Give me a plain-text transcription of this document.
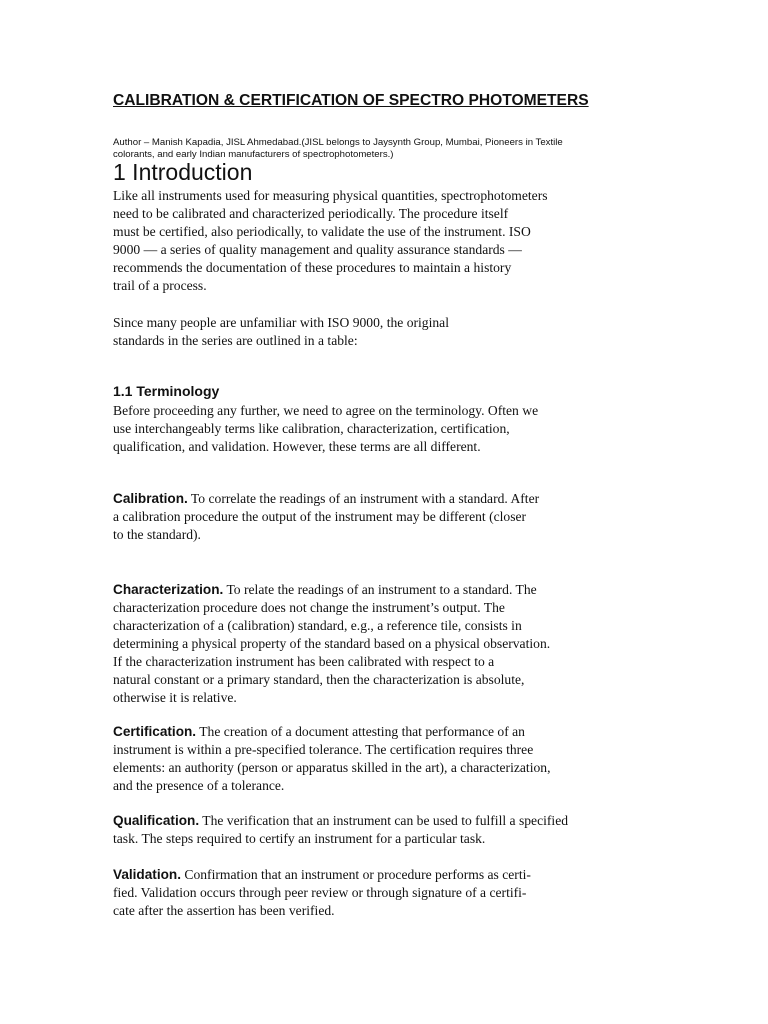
CALIBRATION & CERTIFICATION OF SPECTRO PHOTOMETERS
Author – Manish Kapadia, JISL Ahmedabad.(JISL belongs to Jaysynth Group, Mumbai, Pioneers in Textile
colorants, and early Indian manufacturers of spectrophotometers.)
1 Introduction
Like all instruments used for measuring physical quantities, spectrophotometers
need to be calibrated and characterized periodically. The procedure itself
must be certified, also periodically, to validate the use of the instrument. ISO
9000 — a series of quality management and quality assurance standards —
recommends the documentation of these procedures to maintain a history
trail of a process.
Since many people are unfamiliar with ISO 9000, the original
standards in the series are outlined in a table:
1.1 Terminology
Before proceeding any further, we need to agree on the terminology. Often we
use interchangeably terms like calibration, characterization, certification,
qualification, and validation. However, these terms are all different.
Calibration. To correlate the readings of an instrument with a standard. After
a calibration procedure the output of the instrument may be different (closer
to the standard).
Characterization. To relate the readings of an instrument to a standard. The
characterization procedure does not change the instrument’s output. The
characterization of a (calibration) standard, e.g., a reference tile, consists in
determining a physical property of the standard based on a physical observation.
If the characterization instrument has been calibrated with respect to a
natural constant or a primary standard, then the characterization is absolute,
otherwise it is relative.
Certification. The creation of a document attesting that performance of an
instrument is within a pre-specified tolerance. The certification requires three
elements: an authority (person or apparatus skilled in the art), a characterization,
and the presence of a tolerance.
Qualification. The verification that an instrument can be used to fulfill a specified
task. The steps required to certify an instrument for a particular task.
Validation. Confirmation that an instrument or procedure performs as certi-
fied. Validation occurs through peer review or through signature of a certifi-
cate after the assertion has been verified.
